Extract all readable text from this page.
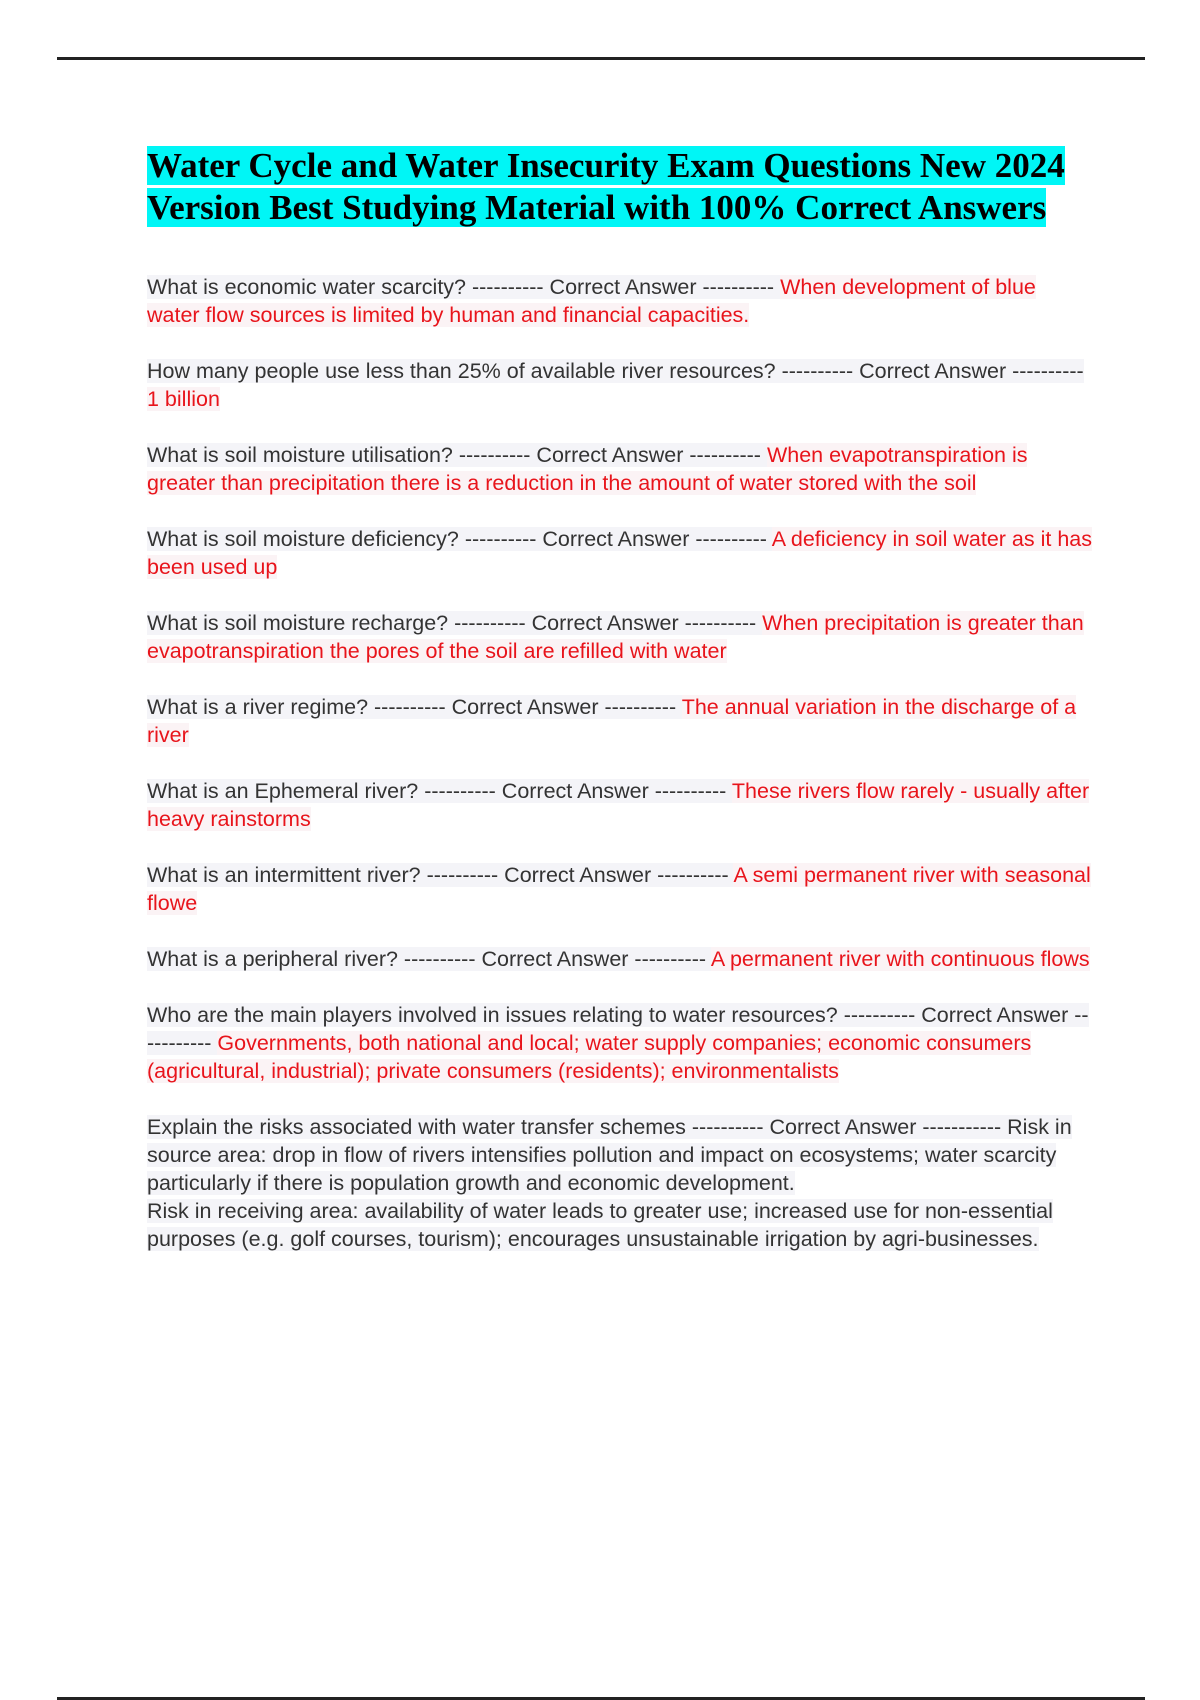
Water Cycle and Water Insecurity Exam Questions New 2024 Version Best Studying Material with 100% Correct Answers

What is economic water scarcity? ---------- Correct Answer ---------- When development of blue water flow sources is limited by human and financial capacities.

How many people use less than 25% of available river resources? ---------- Correct Answer ---------- 1 billion

What is soil moisture utilisation? ---------- Correct Answer ---------- When evapotranspiration is greater than precipitation there is a reduction in the amount of water stored with the soil

What is soil moisture deficiency? ---------- Correct Answer ---------- A deficiency in soil water as it has been used up

What is soil moisture recharge? ---------- Correct Answer ---------- When precipitation is greater than evapotranspiration the pores of the soil are refilled with water

What is a river regime? ---------- Correct Answer ---------- The annual variation in the discharge of a river

What is an Ephemeral river? ---------- Correct Answer ---------- These rivers flow rarely - usually after heavy rainstorms

What is an intermittent river? ---------- Correct Answer ---------- A semi permanent river with seasonal flowe

What is a peripheral river? ---------- Correct Answer ---------- A permanent river with continuous flows

Who are the main players involved in issues relating to water resources? ---------- Correct Answer ----------- Governments, both national and local; water supply companies; economic consumers (agricultural, industrial); private consumers (residents); environmentalists

Explain the risks associated with water transfer schemes ---------- Correct Answer ----------- Risk in source area: drop in flow of rivers intensifies pollution and impact on ecosystems; water scarcity particularly if there is population growth and economic development.
Risk in receiving area: availability of water leads to greater use; increased use for non-essential purposes (e.g. golf courses, tourism); encourages unsustainable irrigation by agri-businesses.
